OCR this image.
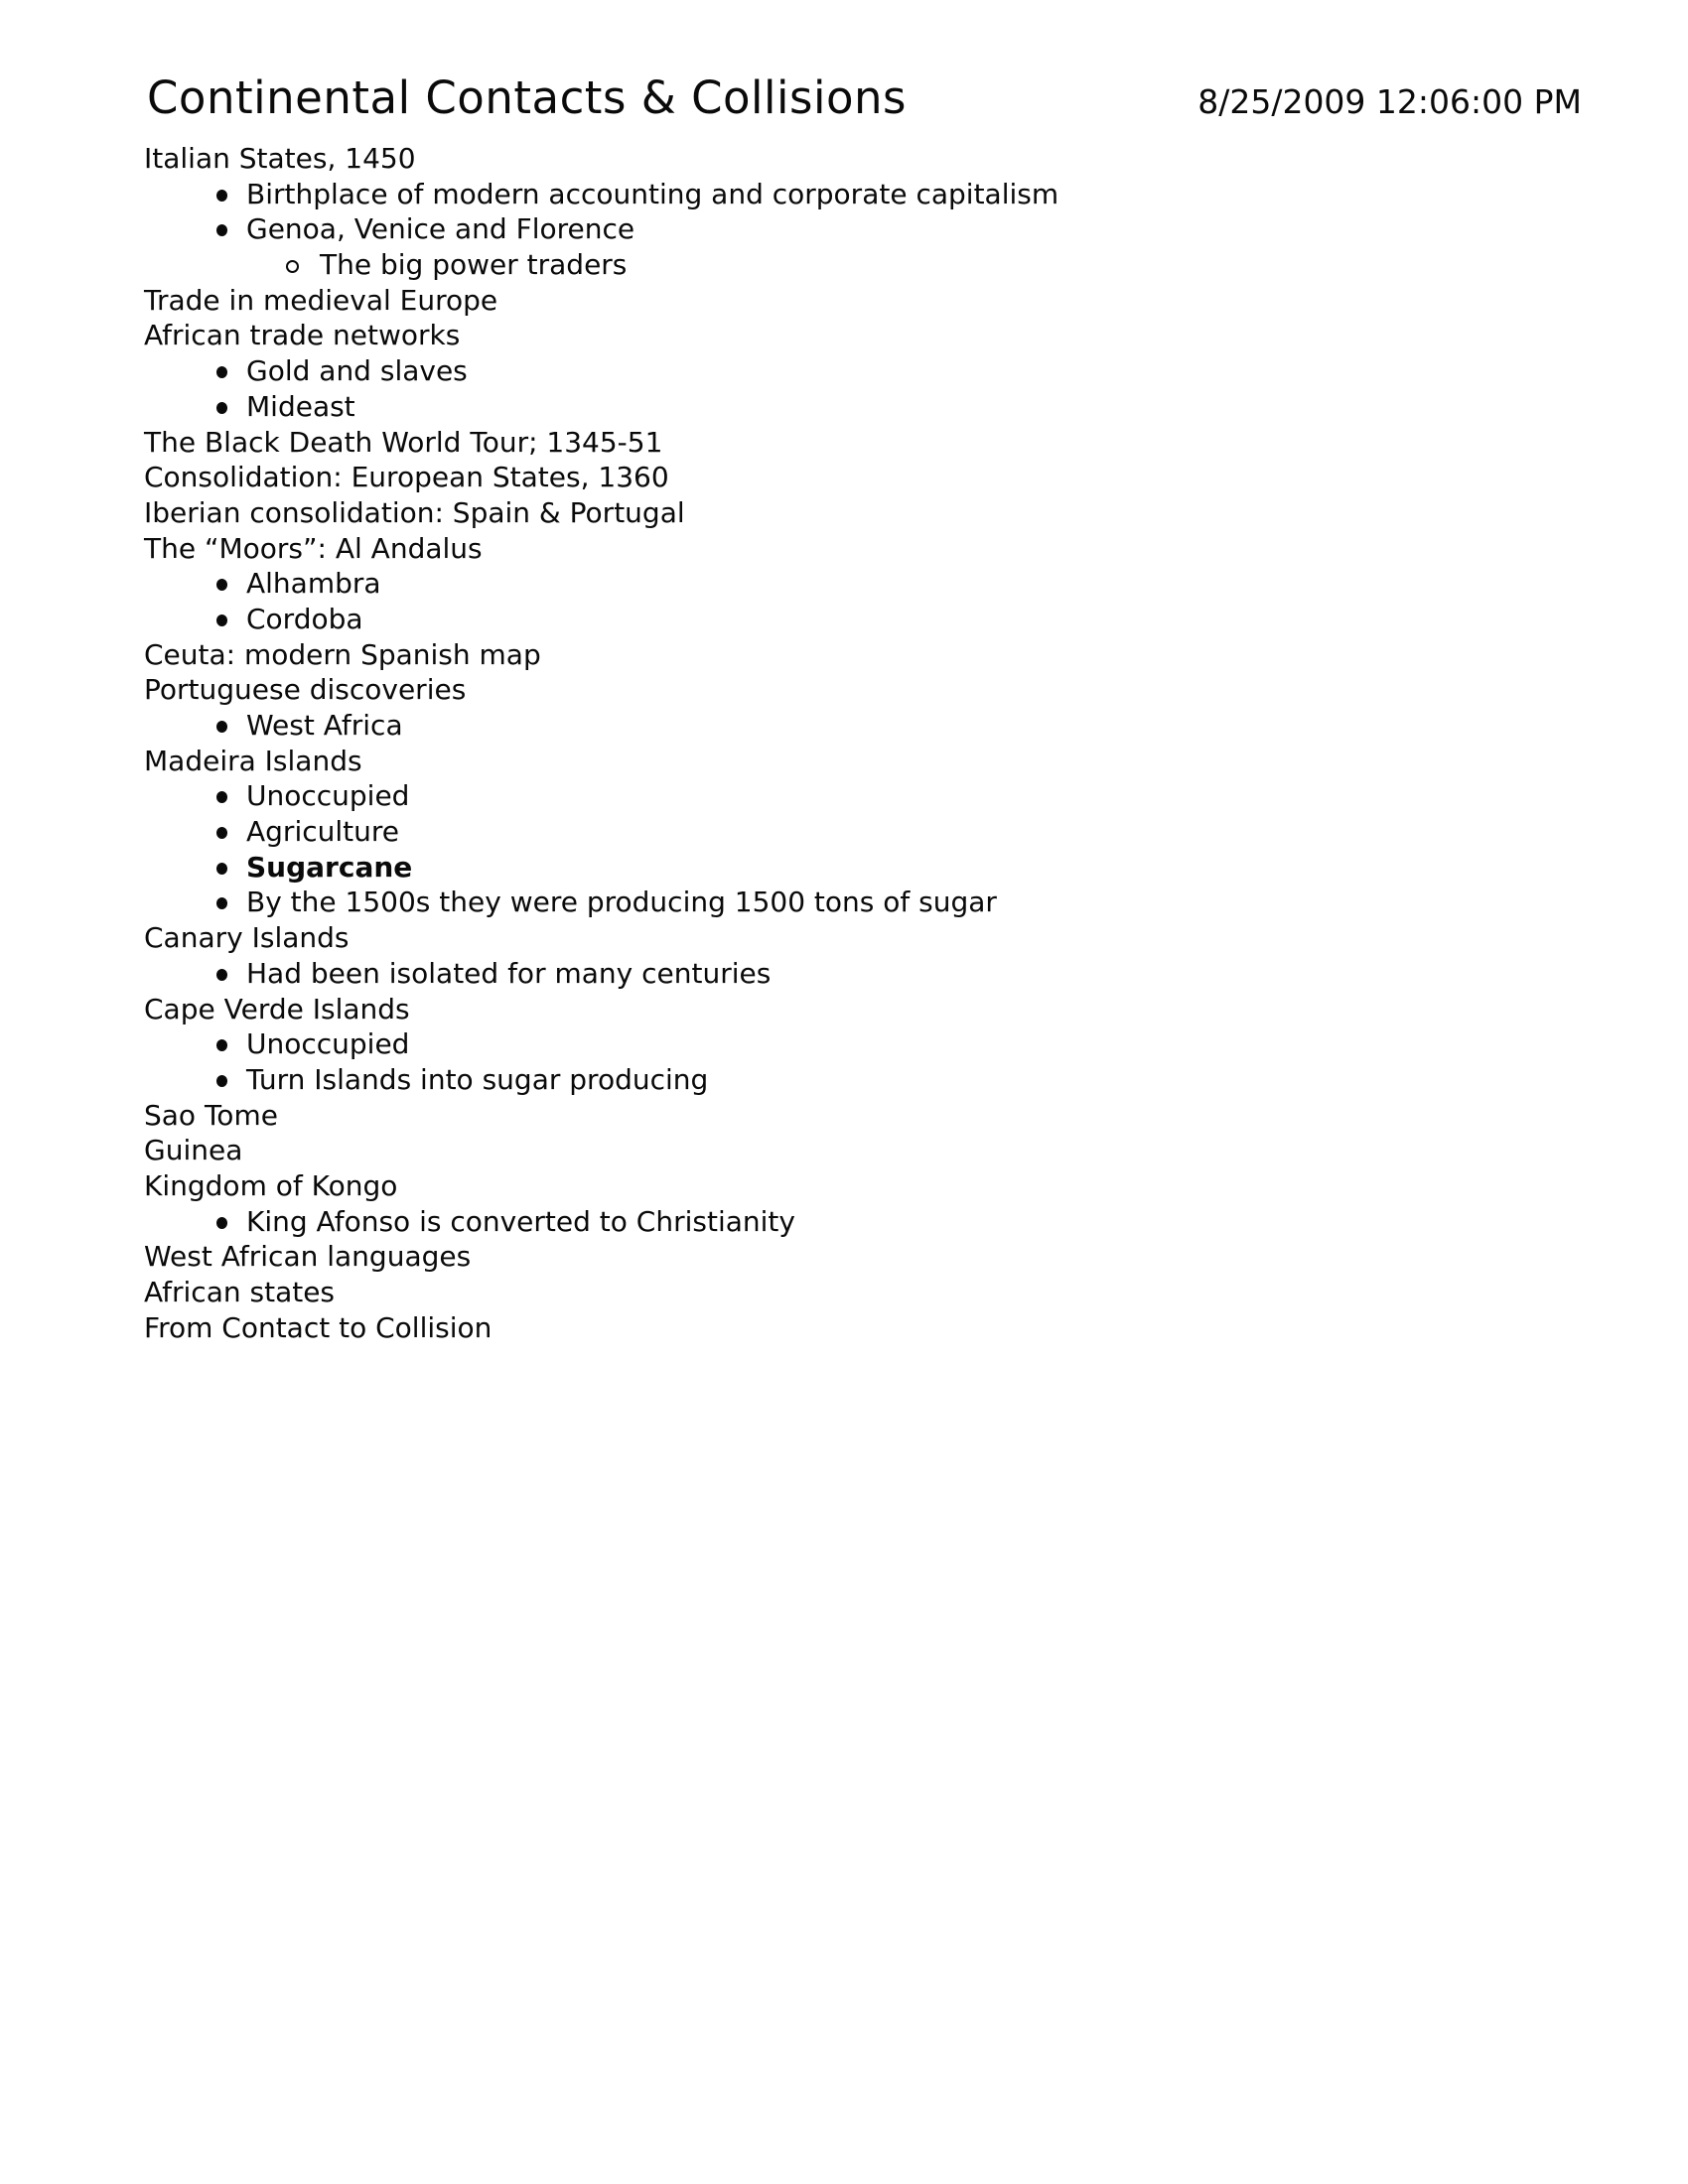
Continental Contacts & Collisions	8/25/2009 12:06:00 PM
Italian States, 1450
Birthplace of modern accounting and corporate capitalism
Genoa, Venice and Florence
The big power traders
Trade in medieval Europe
African trade networks
Gold and slaves
Mideast
The Black Death World Tour; 1345-51
Consolidation: European States, 1360
Iberian consolidation: Spain & Portugal
The “Moors”: Al Andalus
Alhambra
Cordoba
Ceuta: modern Spanish map
Portuguese discoveries
West Africa
Madeira Islands
Unoccupied
Agriculture
Sugarcane
By the 1500s they were producing 1500 tons of sugar
Canary Islands
Had been isolated for many centuries
Cape Verde Islands
Unoccupied
Turn Islands into sugar producing
Sao Tome
Guinea
Kingdom of Kongo
King Afonso is converted to Christianity
West African languages
African states
From Contact to Collision
